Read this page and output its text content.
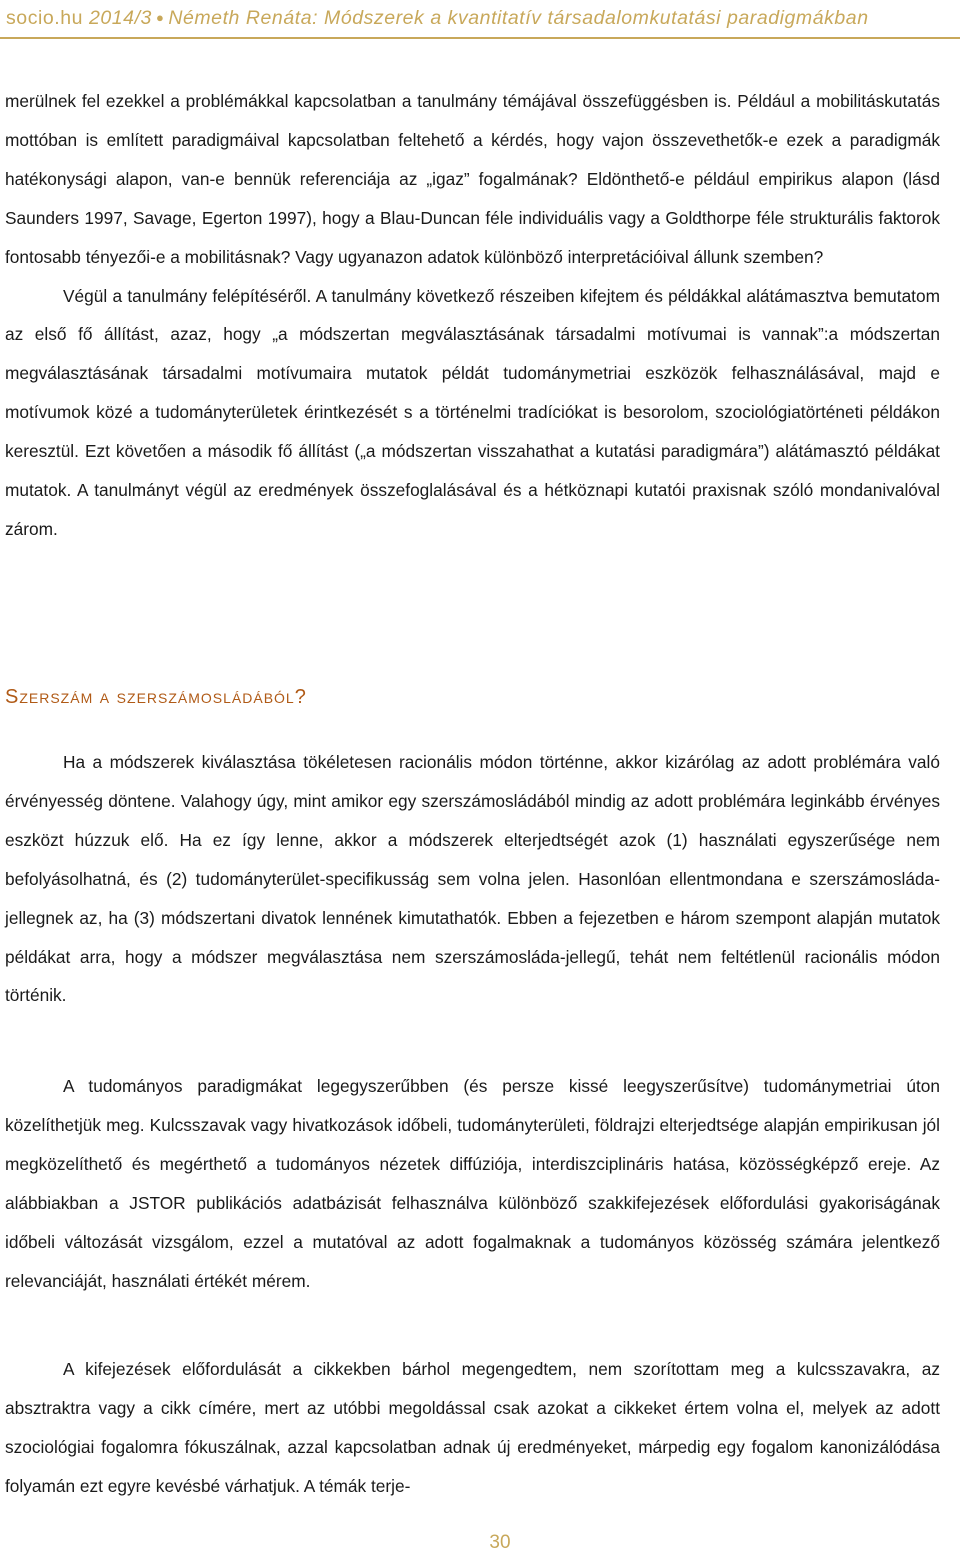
socio.hu
2014/3 ● Németh Renáta:
Módszerek a kvantitatív társadalomkutatási paradigmákban

merülnek fel ezekkel a problémákkal kapcsolatban a tanulmány témájával összefüggésben is. Például a mobilitáskutatás mottóban is említett paradigmáival kapcsolatban feltehető a kérdés, hogy vajon összevethetők-e ezek a paradigmák hatékonysági alapon, van-e bennük referenciája az „igaz” fogalmának? Eldönthető-e például empirikus alapon (lásd Saunders 1997, Savage, Egerton 1997), hogy a Blau-Duncan féle individuális vagy a Goldthorpe féle strukturális faktorok fontosabb tényezői-e a mobilitásnak? Vagy ugyanazon adatok különböző interpretációival állunk szemben?

Végül a tanulmány felépítéséről. A tanulmány következő részeiben kifejtem és példákkal alátámasztva bemutatom az első fő állítást, azaz, hogy „a módszertan megválasztásának társadalmi motívumai is vannak”:a módszertan megválasztásának társadalmi motívumaira mutatok példát tudománymetriai eszközök felhasználásával, majd e motívumok közé a tudományterületek érintkezését s a történelmi tradíciókat is besorolom, szociológiatörténeti példákon keresztül. Ezt követően a második fő állítást („a módszertan visszahathat a kutatási paradigmára”) alátámasztó példákat mutatok. A tanulmányt végül az eredmények összefoglalásával és a hétköznapi kutatói praxisnak szóló mondanivalóval zárom.

Szerszám a szerszámosládából?

Ha a módszerek kiválasztása tökéletesen racionális módon történne, akkor kizárólag az adott problémára való érvényesség döntene. Valahogy úgy, mint amikor egy szerszámosládából mindig az adott problémára leginkább érvényes eszközt húzzuk elő. Ha ez így lenne, akkor a módszerek elterjedtségét azok (1) használati egyszerűsége nem befolyásolhatná, és (2) tudományterület-specifikusság sem volna jelen. Hasonlóan ellentmondana e szerszámosláda-jellegnek az, ha (3) módszertani divatok lennének kimutathatók. Ebben a fejezetben e három szempont alapján mutatok példákat arra, hogy a módszer megválasztása nem szerszámosláda-jellegű, tehát nem feltétlenül racionális módon történik.

A tudományos paradigmákat legegyszerűbben (és persze kissé leegyszerűsítve) tudománymetriai úton közelíthetjük meg. Kulcsszavak vagy hivatkozások időbeli, tudományterületi, földrajzi elterjedtsége alapján empirikusan jól megközelíthető és megérthető a tudományos nézetek diffúziója, interdiszciplináris hatása, közösségképző ereje. Az alábbiakban a JSTOR publikációs adatbázisát felhasználva különböző szakkifejezések előfordulási gyakoriságának időbeli változását vizsgálom, ezzel a mutatóval az adott fogalmaknak a tudományos közösség számára jelentkező relevanciáját, használati értékét mérem.

A kifejezések előfordulását a cikkekben bárhol megengedtem, nem szorítottam meg a kulcsszavakra, az absztraktra vagy a cikk címére, mert az utóbbi megoldással csak azokat a cikkeket értem volna el, melyek az adott szociológiai fogalomra fókuszálnak, azzal kapcsolatban adnak új eredményeket, márpedig egy fogalom kanonizálódása folyamán ezt egyre kevésbé várhatjuk. A témák terje-

30
